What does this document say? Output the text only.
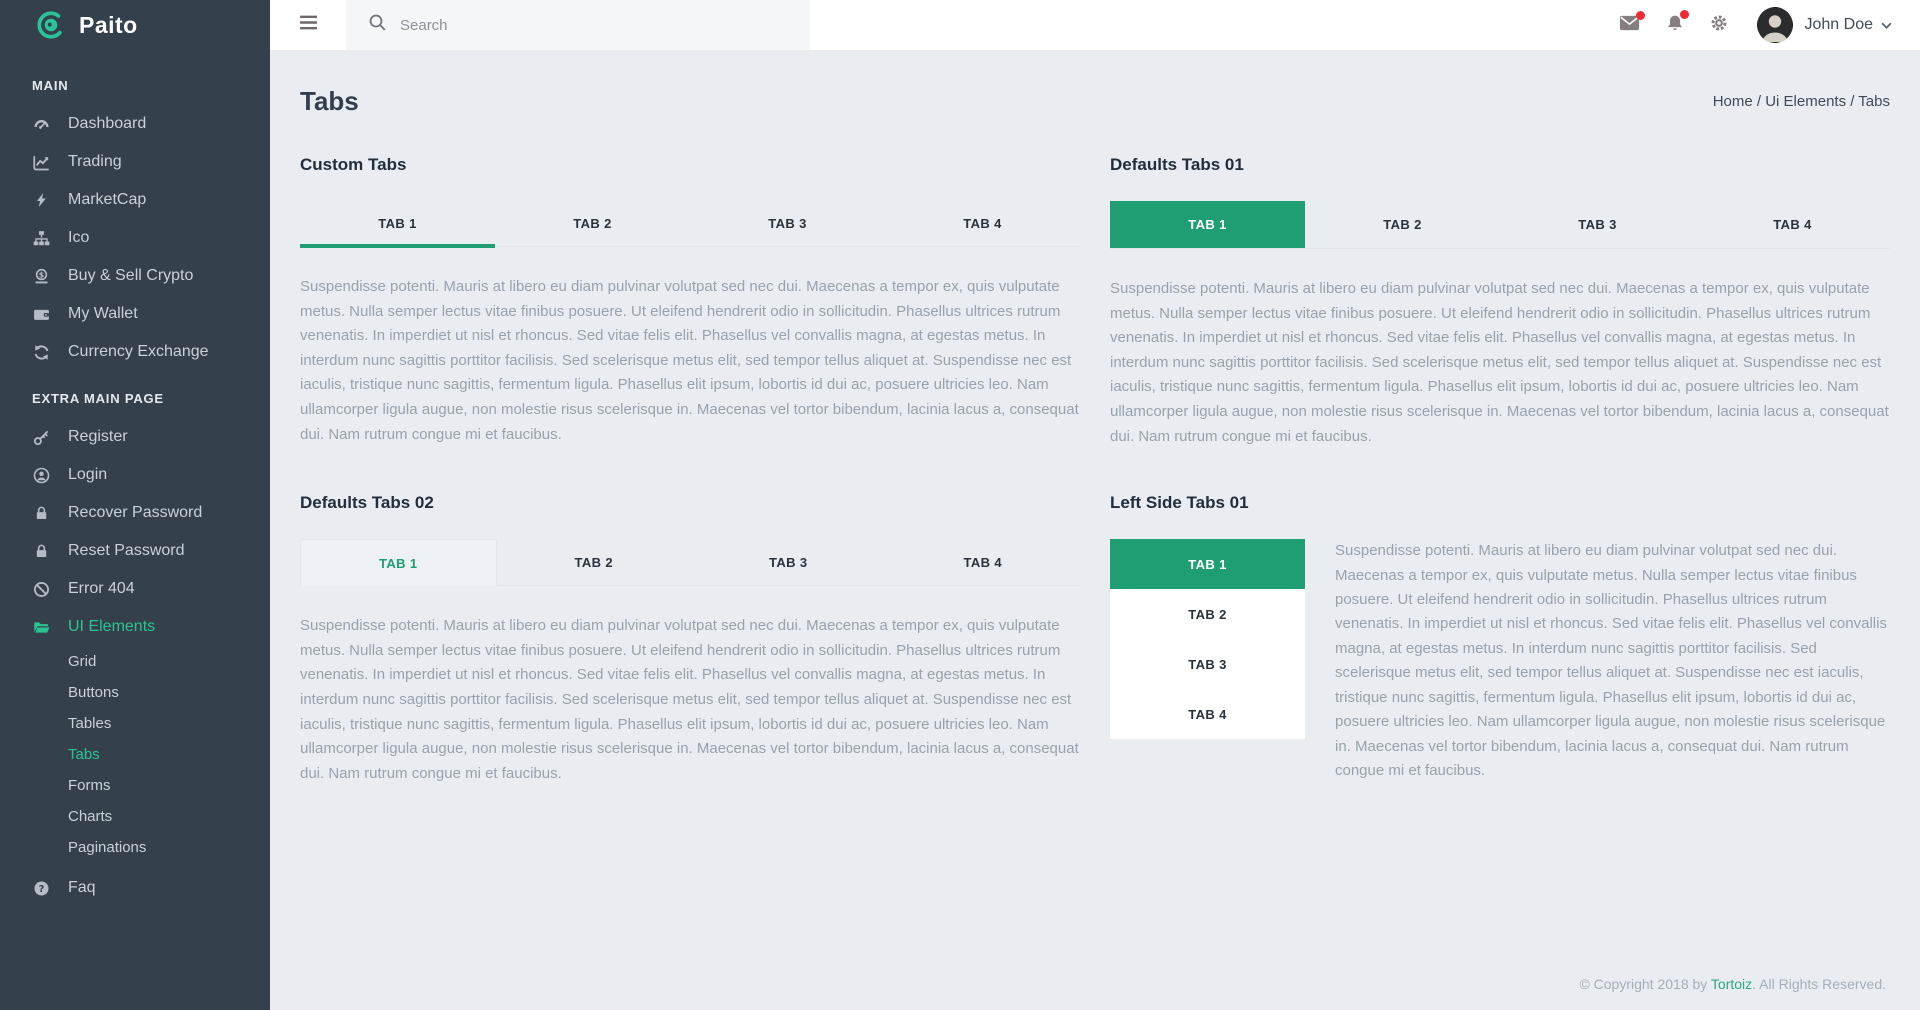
Paito
MAIN
Dashboard
Trading
MarketCap
Ico
$ Buy & Sell Crypto
My Wallet
Currency Exchange
EXTRA MAIN PAGE
Register
Login
Recover Password
Reset Password
Error 404
UI Elements
Grid
Buttons
Tables
Tabs
Forms
Charts
Paginations
? Faq
Search
John Doe
Tabs	Home / Ui Elements / Tabs
Custom Tabs
TAB 1	TAB 2	TAB 3	TAB 4

Suspendisse potenti. Mauris at libero eu diam pulvinar volutpat sed nec dui. Maecenas a tempor ex, quis vulputate metus. Nulla semper lectus vitae finibus posuere. Ut eleifend hendrerit odio in sollicitudin. Phasellus ultrices rutrum venenatis. In imperdiet ut nisl et rhoncus. Sed vitae felis elit. Phasellus vel convallis magna, at egestas metus. In interdum nunc sagittis porttitor facilisis. Sed scelerisque metus elit, sed tempor tellus aliquet at. Suspendisse nec est iaculis, tristique nunc sagittis, fermentum ligula. Phasellus elit ipsum, lobortis id dui ac, posuere ultricies leo. Nam ullamcorper ligula augue, non molestie risus scelerisque in. Maecenas vel tortor bibendum, lacinia lacus a, consequat dui. Nam rutrum congue mi et faucibus.

Defaults Tabs 01
TAB 1	TAB 2	TAB 3	TAB 4

Suspendisse potenti. Mauris at libero eu diam pulvinar volutpat sed nec dui. Maecenas a tempor ex, quis vulputate metus. Nulla semper lectus vitae finibus posuere. Ut eleifend hendrerit odio in sollicitudin. Phasellus ultrices rutrum venenatis. In imperdiet ut nisl et rhoncus. Sed vitae felis elit. Phasellus vel convallis magna, at egestas metus. In interdum nunc sagittis porttitor facilisis. Sed scelerisque metus elit, sed tempor tellus aliquet at. Suspendisse nec est iaculis, tristique nunc sagittis, fermentum ligula. Phasellus elit ipsum, lobortis id dui ac, posuere ultricies leo. Nam ullamcorper ligula augue, non molestie risus scelerisque in. Maecenas vel tortor bibendum, lacinia lacus a, consequat dui. Nam rutrum congue mi et faucibus.

Defaults Tabs 02
TAB 1	TAB 2	TAB 3	TAB 4

Suspendisse potenti. Mauris at libero eu diam pulvinar volutpat sed nec dui. Maecenas a tempor ex, quis vulputate metus. Nulla semper lectus vitae finibus posuere. Ut eleifend hendrerit odio in sollicitudin. Phasellus ultrices rutrum venenatis. In imperdiet ut nisl et rhoncus. Sed vitae felis elit. Phasellus vel convallis magna, at egestas metus. In interdum nunc sagittis porttitor facilisis. Sed scelerisque metus elit, sed tempor tellus aliquet at. Suspendisse nec est iaculis, tristique nunc sagittis, fermentum ligula. Phasellus elit ipsum, lobortis id dui ac, posuere ultricies leo. Nam ullamcorper ligula augue, non molestie risus scelerisque in. Maecenas vel tortor bibendum, lacinia lacus a, consequat dui. Nam rutrum congue mi et faucibus.

Left Side Tabs 01
TAB 1
TAB 2
TAB 3
TAB 4

Suspendisse potenti. Mauris at libero eu diam pulvinar volutpat sed nec dui. Maecenas a tempor ex, quis vulputate metus. Nulla semper lectus vitae finibus posuere. Ut eleifend hendrerit odio in sollicitudin. Phasellus ultrices rutrum venenatis. In imperdiet ut nisl et rhoncus. Sed vitae felis elit. Phasellus vel convallis magna, at egestas metus. In interdum nunc sagittis porttitor facilisis. Sed scelerisque metus elit, sed tempor tellus aliquet at. Suspendisse nec est iaculis, tristique nunc sagittis, fermentum ligula. Phasellus elit ipsum, lobortis id dui ac, posuere ultricies leo. Nam ullamcorper ligula augue, non molestie risus scelerisque in. Maecenas vel tortor bibendum, lacinia lacus a, consequat dui. Nam rutrum congue mi et faucibus.

© Copyright 2018 by Tortoiz. All Rights Reserved.
